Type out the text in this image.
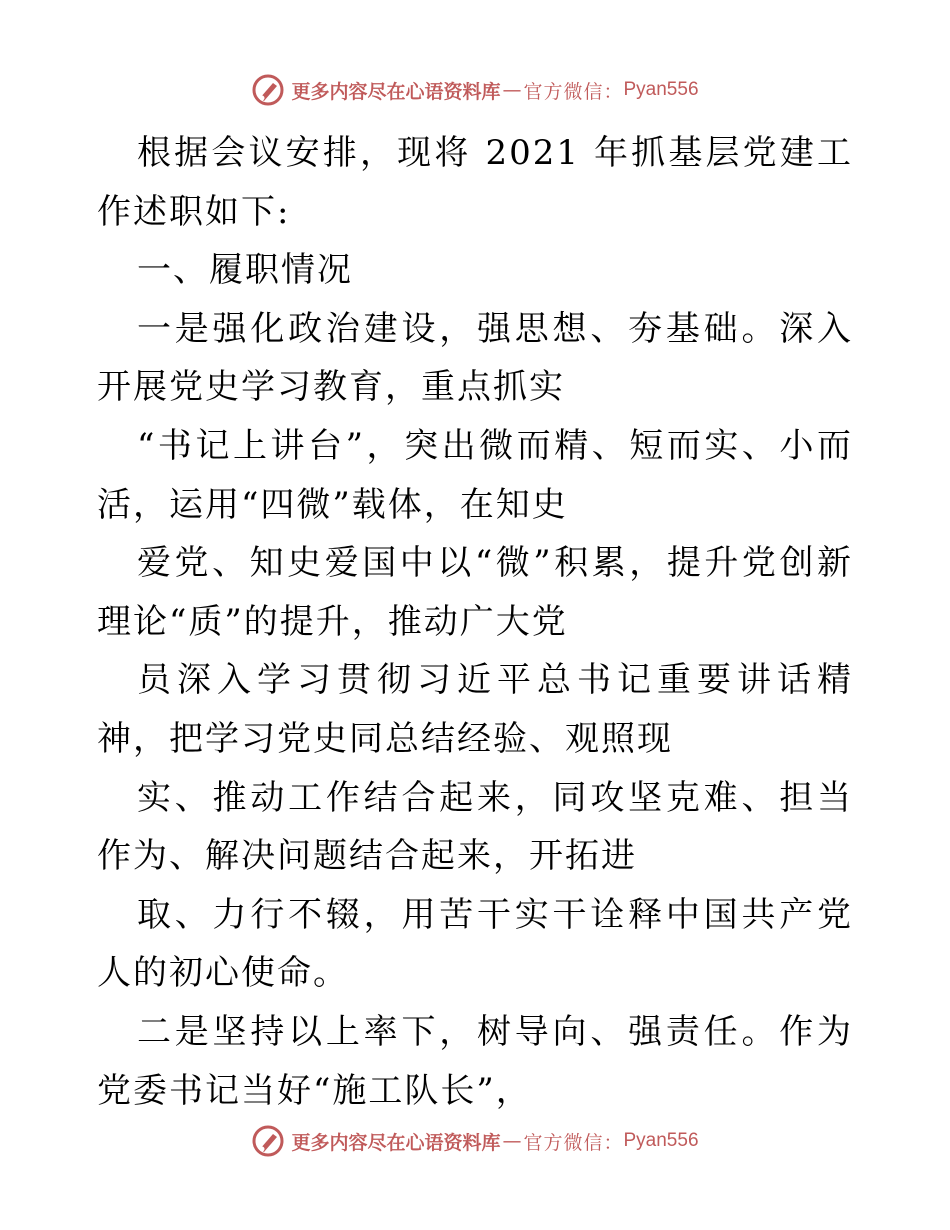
更多内容尽在心语资料库 — 官方微信： Pyan556

根据会议安排，现将 2021 年抓基层党建工作述职如下:

一、履职情况

一是强化政治建设，强思想、夯基础。深入开展党史学习教育，重点抓实

“书记上讲台”，突出微而精、短而实、小而活，运用“四微”载体，在知史

爱党、知史爱国中以“微”积累，提升党创新理论“质”的提升，推动广大党

员深入学习贯彻习近平总书记重要讲话精神，把学习党史同总结经验、观照现

实、推动工作结合起来，同攻坚克难、担当作为、解决问题结合起来，开拓进

取、力行不辍，用苦干实干诠释中国共产党人的初心使命。

二是坚持以上率下，树导向、强责任。作为党委书记当好“施工队长”，

更多内容尽在心语资料库 — 官方微信： Pyan556
